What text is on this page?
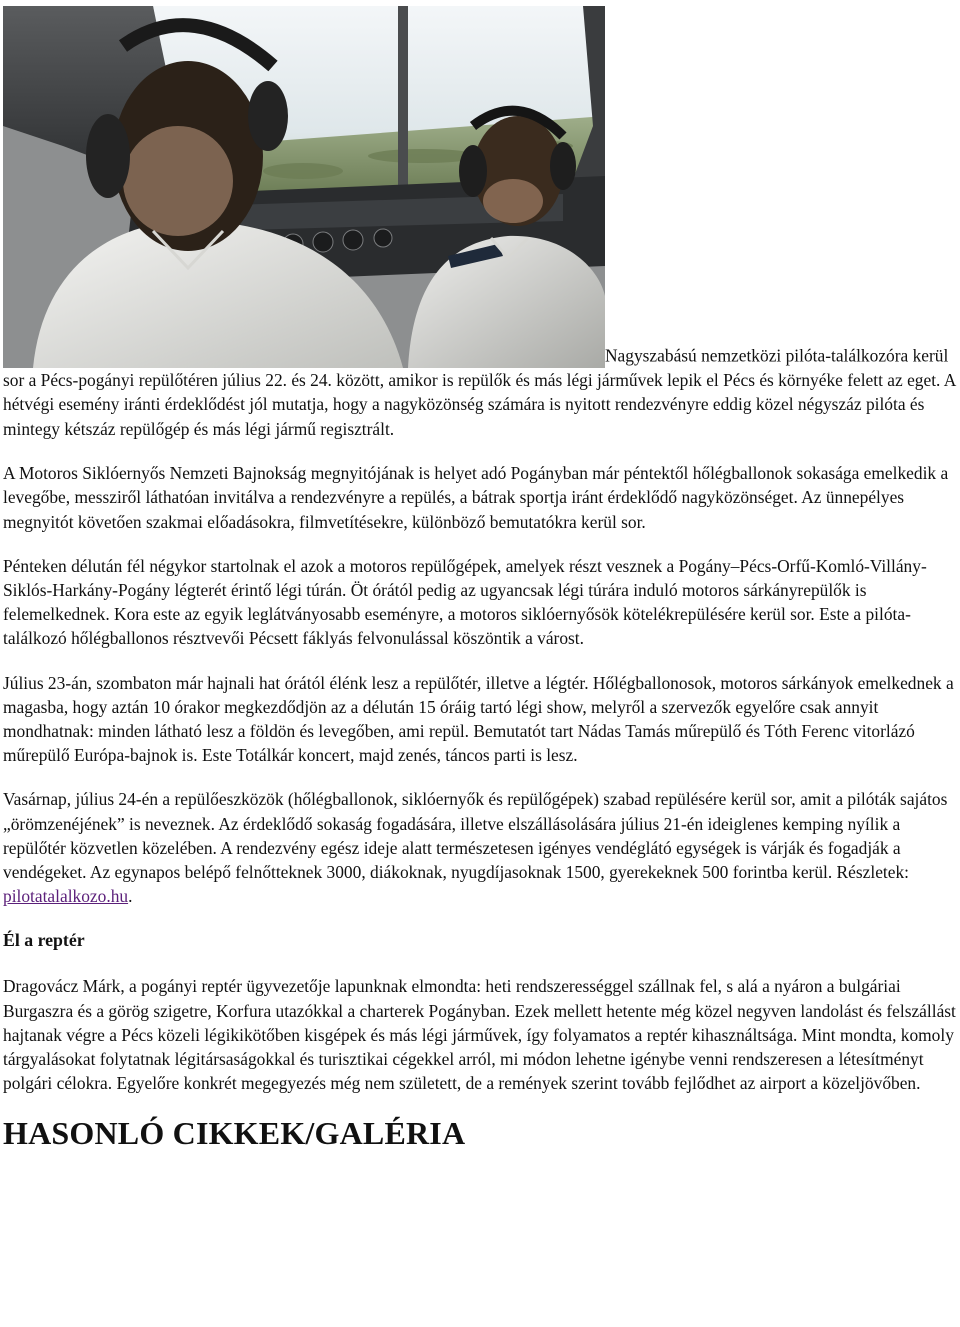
Nagyszabású nemzetközi pilóta-találkozóra kerül sor a Pécs-pogányi repülőtéren július 22. és 24. között, amikor is repülők és más légi járművek lepik el Pécs és környéke felett az eget. A hétvégi esemény iránti érdeklődést jól mutatja, hogy a nagyközönség számára is nyitott rendezvényre eddig közel négyszáz pilóta és mintegy kétszáz repülőgép és más légi jármű regisztrált.

A Motoros Siklóernyős Nemzeti Bajnokság megnyitójának is helyet adó Pogányban már péntektől hőlégballonok sokasága emelkedik a levegőbe, messziről láthatóan invitálva a rendezvényre a repülés, a bátrak sportja iránt érdeklődő nagyközönséget. Az ünnepélyes megnyitót követően szakmai előadásokra, filmvetítésekre, különböző bemutatókra kerül sor.

Pénteken délután fél négykor startolnak el azok a motoros repülőgépek, amelyek részt vesznek a Pogány–Pécs-Orfű-Komló-Villány-Siklós-Harkány-Pogány légterét érintő légi túrán. Öt órától pedig az ugyancsak légi túrára induló motoros sárkányrepülők is felemelkednek. Kora este az egyik leglátványosabb eseményre, a motoros siklóernyősök kötelékrepülésére kerül sor. Este a pilóta-találkozó hőlégballonos résztvevői Pécsett fáklyás felvonulással köszöntik a várost.

Július 23-án, szombaton már hajnali hat órától élénk lesz a repülőtér, illetve a légtér. Hőlégballonosok, motoros sárkányok emelkednek a magasba, hogy aztán 10 órakor megkezdődjön az a délután 15 óráig tartó légi show, melyről a szervezők egyelőre csak annyit mondhatnak: minden látható lesz a földön és levegőben, ami repül. Bemutatót tart Nádas Tamás műrepülő és Tóth Ferenc vitorlázó műrepülő Európa-bajnok is. Este Totálkár koncert, majd zenés, táncos parti is lesz.

Vasárnap, július 24-én a repülőeszközök (hőlégballonok, siklóernyők és repülőgépek) szabad repülésére kerül sor, amit a pilóták sajátos „örömzenéjének” is neveznek. Az érdeklődő sokaság fogadására, illetve elszállásolására július 21-én ideiglenes kemping nyílik a repülőtér közvetlen közelében. A rendezvény egész ideje alatt természetesen igényes vendéglátó egységek is várják és fogadják a vendégeket. Az egynapos belépő felnőtteknek 3000, diákoknak, nyugdíjasoknak 1500, gyerekeknek 500 forintba kerül. Részletek: pilotatalalkozo.hu.

Él a reptér

Dragovácz Márk, a pogányi reptér ügyvezetője lapunknak elmondta: heti rendszerességgel szállnak fel, s alá a nyáron a bulgáriai Burgaszra és a görög szigetre, Korfura utazókkal a charterek Pogányban. Ezek mellett hetente még közel negyven landolást és felszállást hajtanak végre a Pécs közeli légikikötőben kisgépek és más légi járművek, így folyamatos a reptér kihasználtsága. Mint mondta, komoly tárgyalásokat folytatnak légitársaságokkal és turisztikai cégekkel arról, mi módon lehetne igénybe venni rendszeresen a létesítményt polgári célokra. Egyelőre konkrét megegyezés még nem született, de a remények szerint tovább fejlődhet az airport a közeljövőben.

HASONLÓ CIKKEK/GALÉRIA
